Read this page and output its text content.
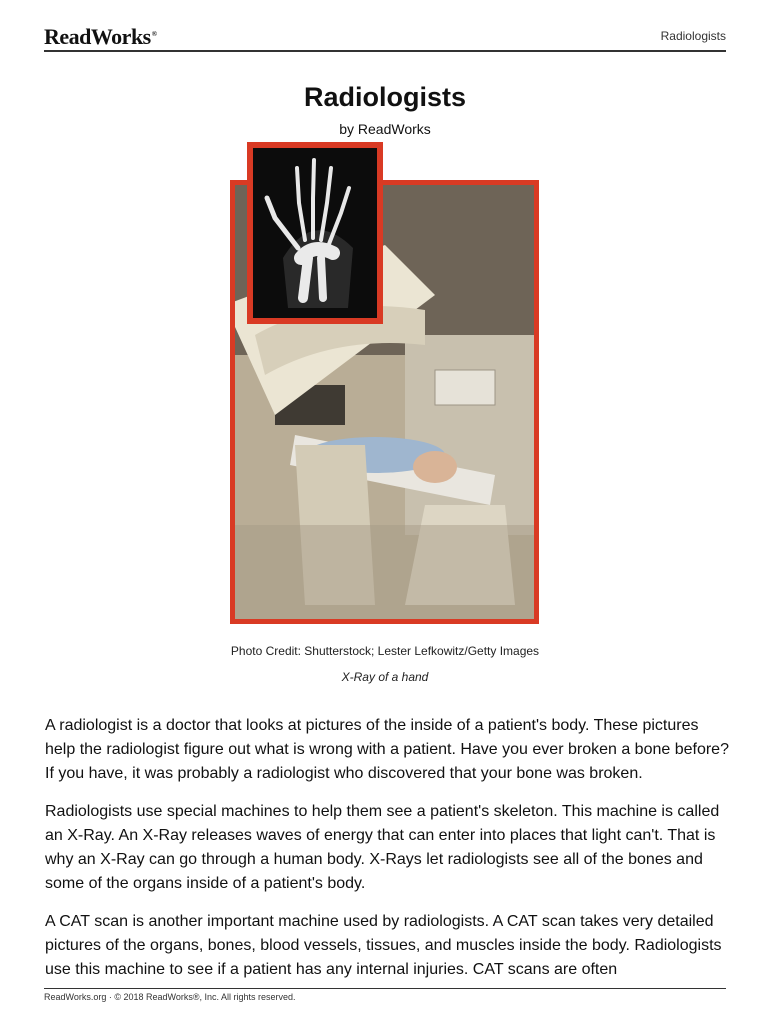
ReadWorks®	Radiologists
Radiologists
by ReadWorks
Photo Credit: Shutterstock; Lester Lefkowitz/Getty Images
X-Ray of a hand

A radiologist is a doctor that looks at pictures of the inside of a patient's body. These pictures help the radiologist figure out what is wrong with a patient. Have you ever broken a bone before? If you have, it was probably a radiologist who discovered that your bone was broken.

Radiologists use special machines to help them see a patient's skeleton. This machine is called an X-Ray. An X-Ray releases waves of energy that can enter into places that light can't. That is why an X-Ray can go through a human body. X-Rays let radiologists see all of the bones and some of the organs inside of a patient's body.

A CAT scan is another important machine used by radiologists. A CAT scan takes very detailed pictures of the organs, bones, blood vessels, tissues, and muscles inside the body. Radiologists use this machine to see if a patient has any internal injuries. CAT scans are often

ReadWorks.org · © 2018 ReadWorks®, Inc. All rights reserved.
